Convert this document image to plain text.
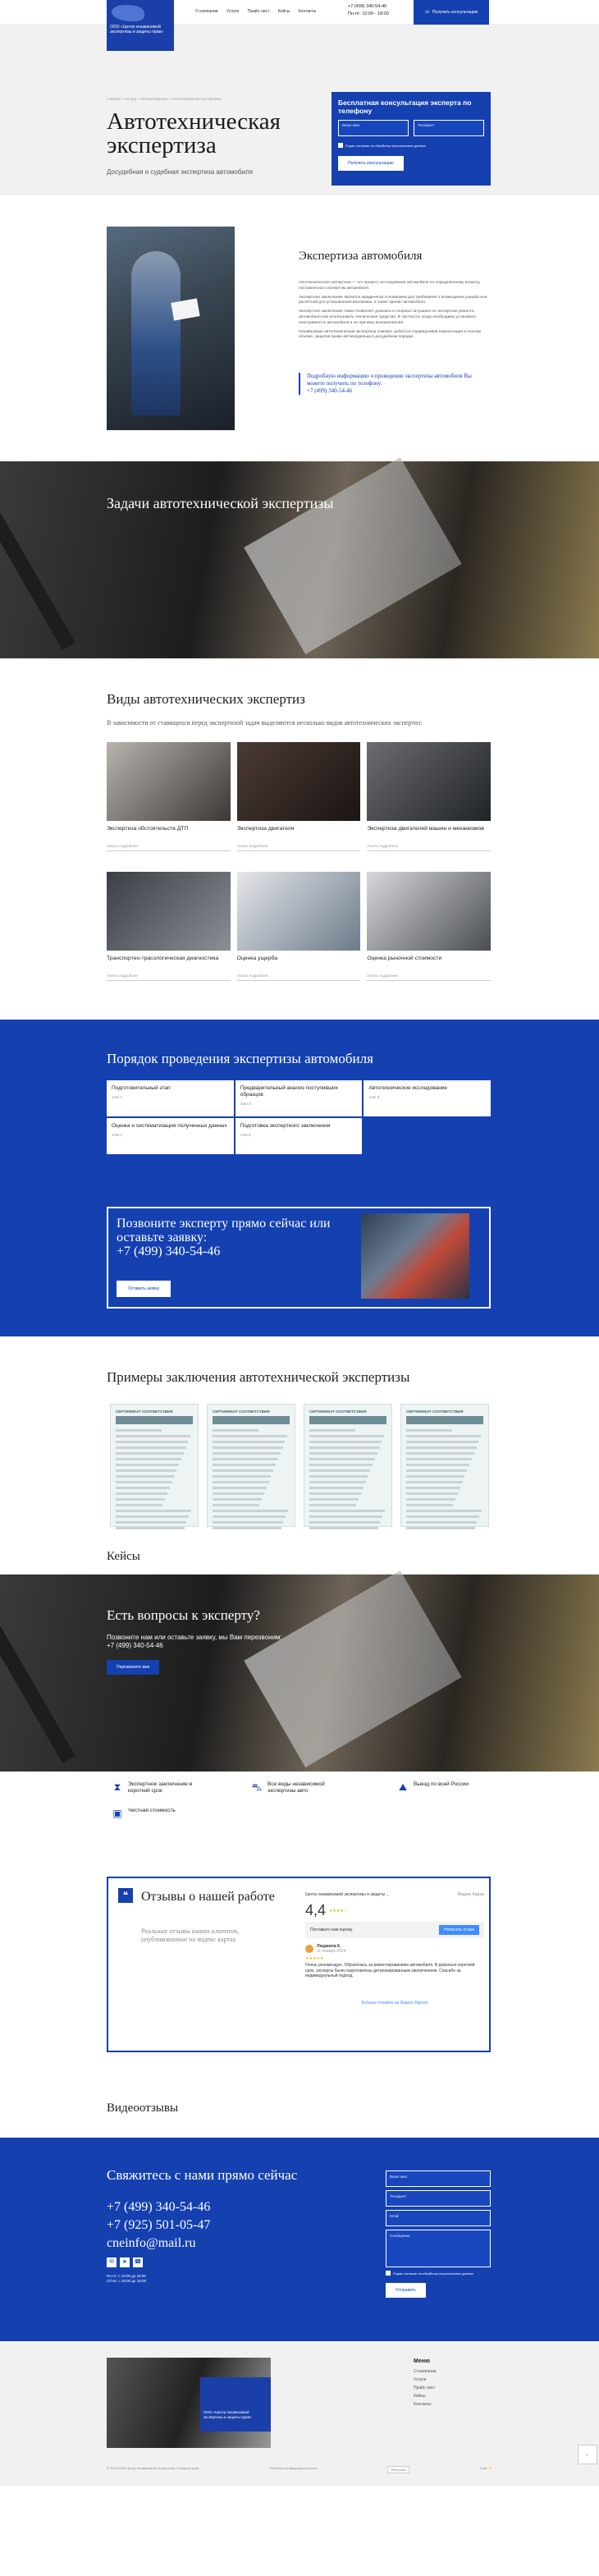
ООО «Центр независимой экспертизы и защиты прав»
О компании Услуги Прайс-лист Кейсы Контакты
+7 (499) 340-54-46
Пн-пт: 10:00 - 18:00	☏ Получить консультацию
Главная > Услуги > Автоэкспертиза > Автотехническая экспертиза
Автотехническая экспертиза
Досудебная и судебная экспертиза автомобиля
Бесплатная консультация эксперта по телефону
Ваше имя	Телефон*
Я даю согласие на обработку персональных данных
Получить консультацию
Экспертиза автомобиля

Автотехническая экспертиза — это процесс исследования автомобиля по определённому вопросу, поставленного экспертом автомобиля.

Экспертное заключение является юридически основанием для требования о возмещении ущерба или расчётной для установления виновника, а также причин автомобиля.

Экспертное заключение также позволяет доказать в спорных ситуациях по экспертизе ремонта автомобиля или использовать технические средства. В частности, когда необходимо установить неисправность автомобиля и её причины возникновения.

Независимая автотехническая экспертиза поможет добиться справедливой компенсации в полном объёме, защитив права автовладельца в досудебном порядке.

Подробную информацию о проведении экспертизы автомобиля Вы можете получить по телефону:
+7 (499) 340-54-46
Задачи автотехнической экспертизы
Виды автотехнических экспертиз
В зависимости от ставящихся перед экспертизой задач выделяются несколько видов автотехнических экспертиз:
Экспертиза обстоятельств ДТП
Узнать подробнее
Экспертиза двигателя
Узнать подробнее
Экспертиза двигателей машин и механизмов
Узнать подробнее
Транспортно-трасологическая диагностика
Узнать подробнее
Оценка ущерба
Узнать подробнее
Оценка рыночной стоимости
Узнать подробнее
Порядок проведения экспертизы автомобиля
Подготовительный этап
этап 1
Предварительный анализ поступивших образцов
этап 2
Автотехническое исследование
этап 3
Оценка и систематизация полученных данных
этап 4
Подготовка экспертного заключения
этап 5
Позвоните эксперту прямо сейчас или оставьте заявку:
+7 (499) 340-54-46
Оставить заявку
Примеры заключения автотехнической экспертизы
СЕРТИФИКАТ СООТВЕТСТВИЯ	СЕРТИФИКАТ СООТВЕТСТВИЯ	СЕРТИФИКАТ СООТВЕТСТВИЯ	СЕРТИФИКАТ СООТВЕТСТВИЯ
Кейсы
Есть вопросы к эксперту?
Позвоните нам или оставьте заявку, мы Вам перезвоним: +7 (499) 340-54-46
Перезвоните мне
⧗	Экспертное заключение в короткий срок	⛍ Все виды независимой экспертизы авто	⛰	Выезд по всей России
▣ Честная стоимость
❝ Отзывы о нашей работе
Реальные отзывы наших клиентов, опубликованные на яндекс картах
Центр независимой экспертизы и защиты ...	Яндекс Карты
4,4 ★★★★☆
Поставьте нам оценку	Написать отзыв
Людмила К.
11 января 2024
★★★★★
Очень рекомендую. Обратилась за ремонтированием автомобиля. В довольно короткий срок, эксперты были подготовлены детализированным заключением. Спасибо за индивидуальный подход.
Больше отзывов на Яндекс Картах
Видеоотзывы
Свяжитесь с нами прямо сейчас
+7 (499) 340-54-46
+7 (925) 501-05-47
cneinfo@mail.ru
✉	➤	☎
Пн-пт: с 10:00 до 18:00
Сб-вс: с 10:00 до 18:00
Ваше имя
Телефон*
Email
Сообщение
Я даю согласие на обработку персональных данных
Отправить
ООО «Центр независимой экспертизы и защиты прав»
Меню
О компании
Услуги
Прайс-лист
Кейсы
Контакты
© 2023-2024 Центр независимой экспертизы и защиты прав	Политика конфиденциальности	ЯМетрика	Сайт ⚡
✓
